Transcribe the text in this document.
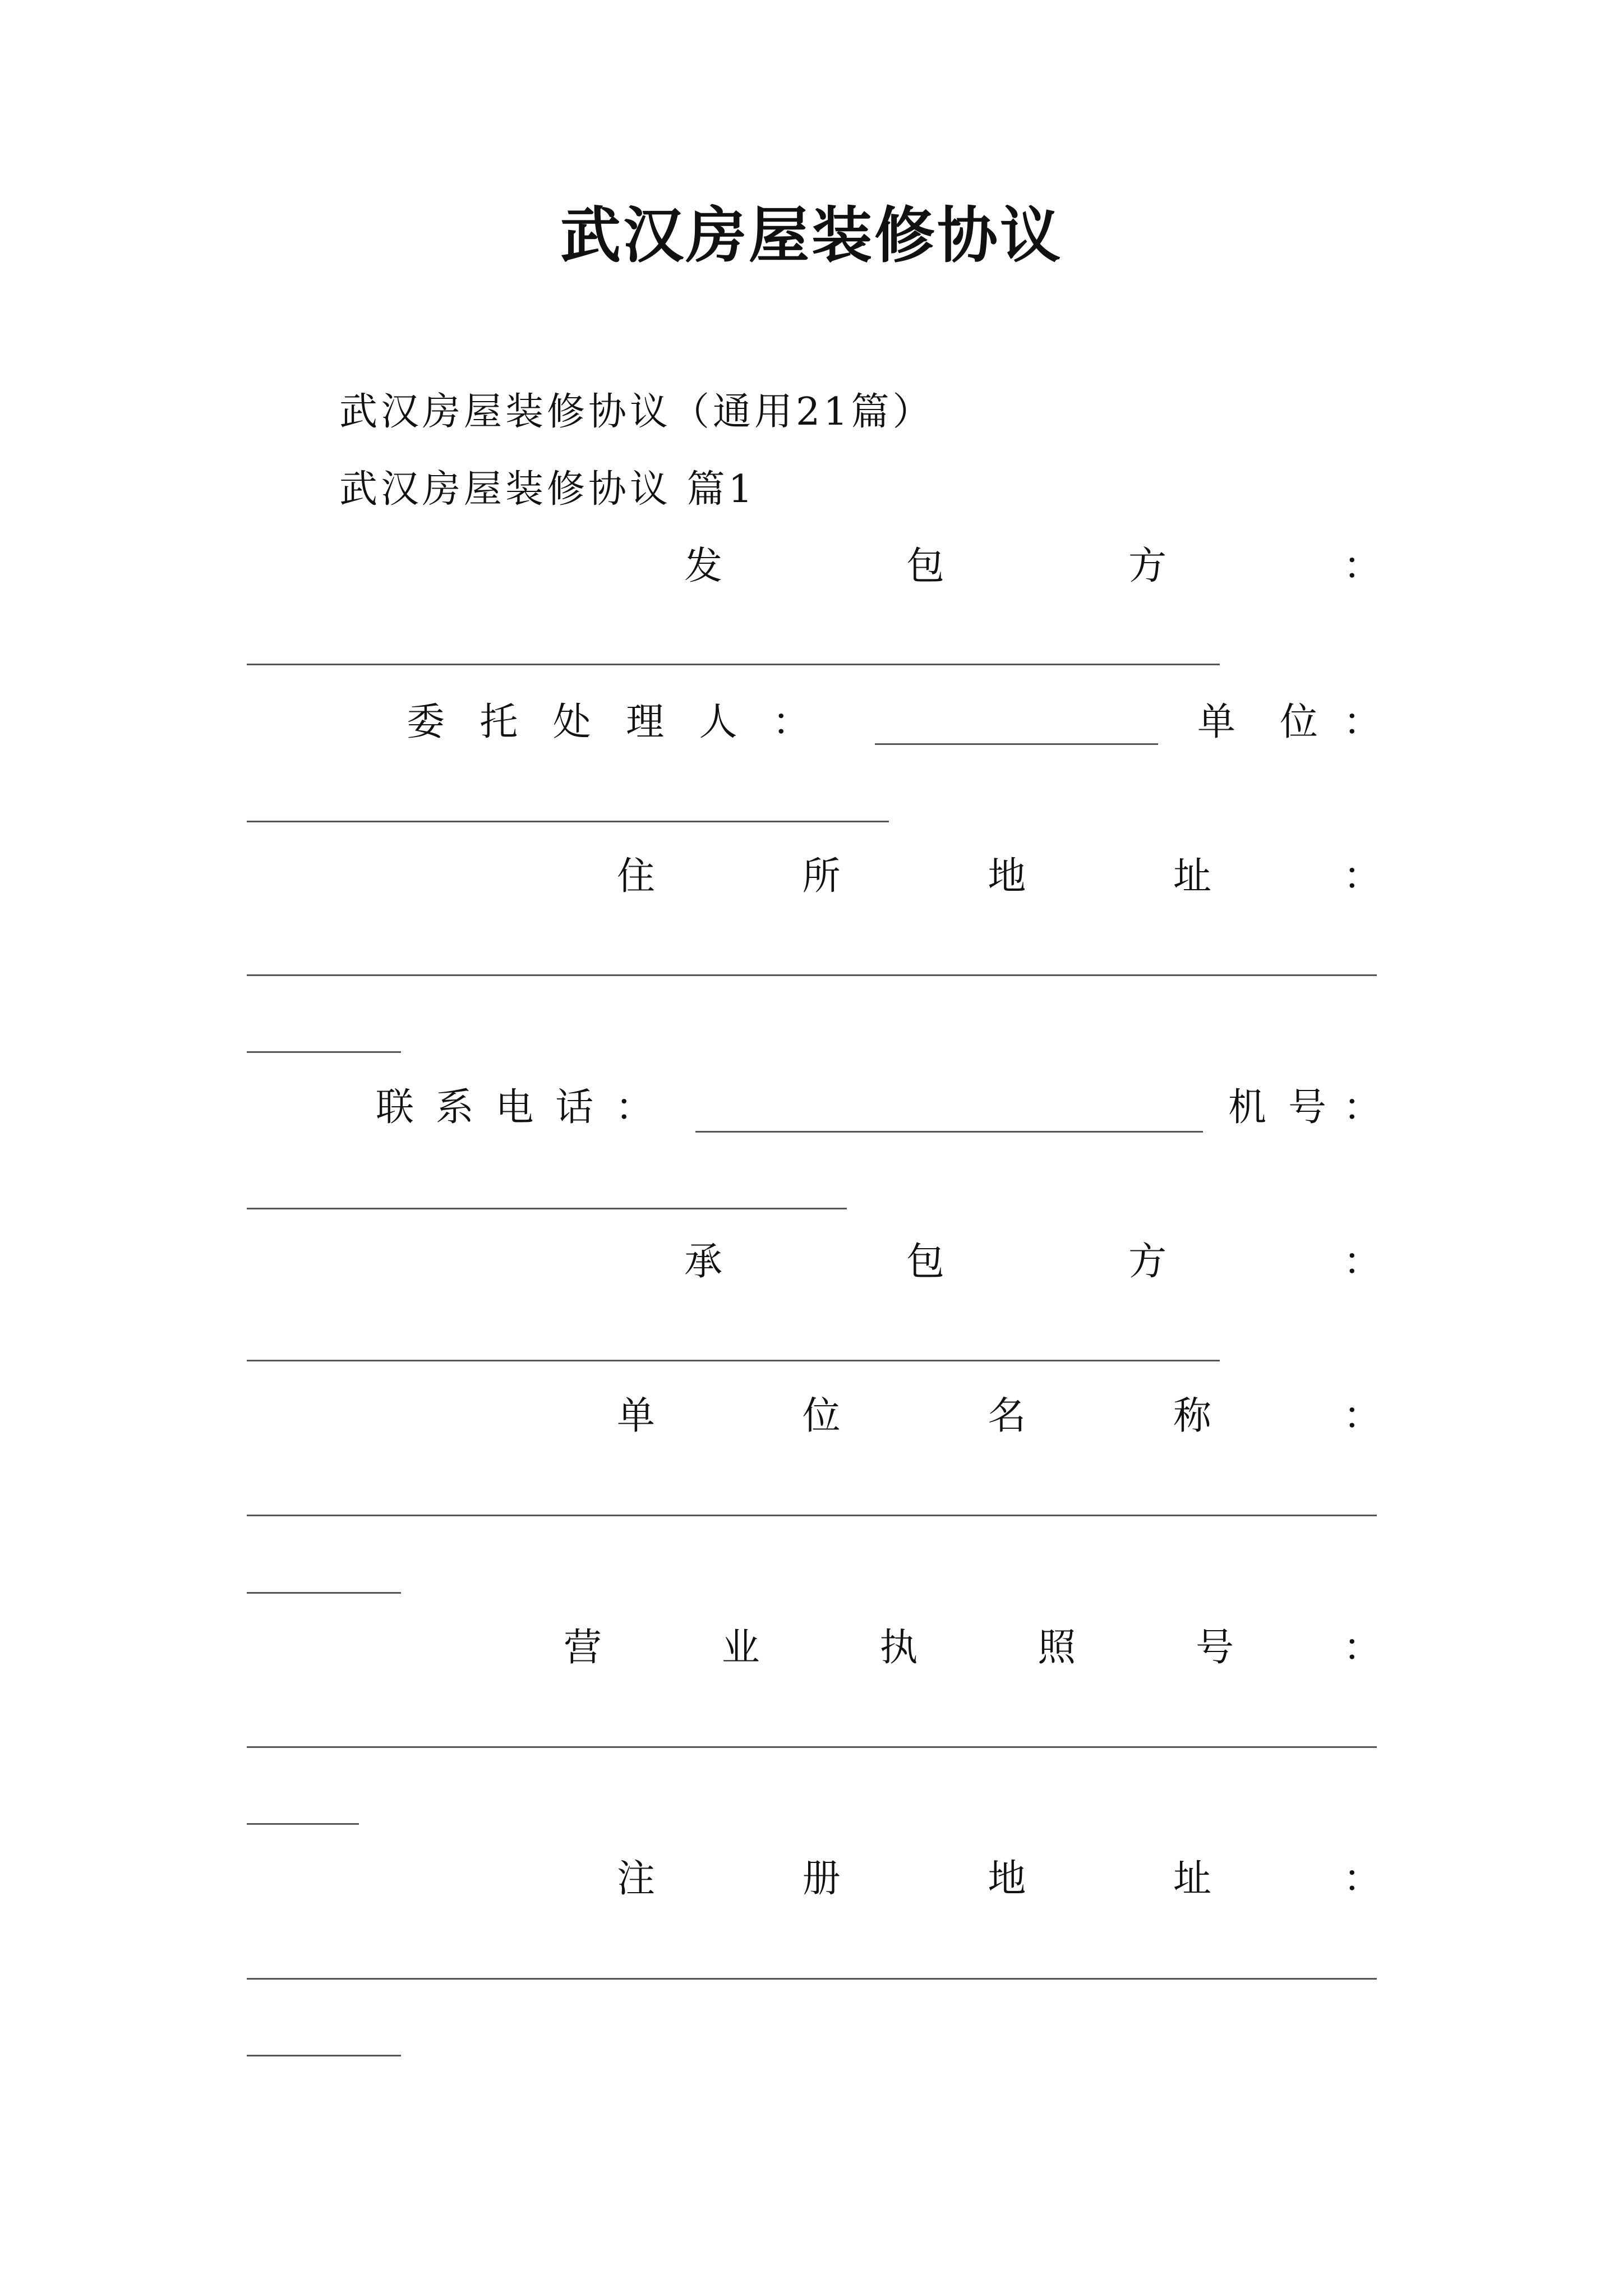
武汉房屋装修协议
武汉房屋装修协议（通用21篇）
武汉房屋装修协议 篇1
发	包	方	：
委 托 处 理 人 ：	单 位 ：
住	所	地	址	：
联 系 电 话 ：	机 号 ：
承	包	方	：
单	位	名	称	：
营	业	执	照	号	：
注	册	地	址	：
